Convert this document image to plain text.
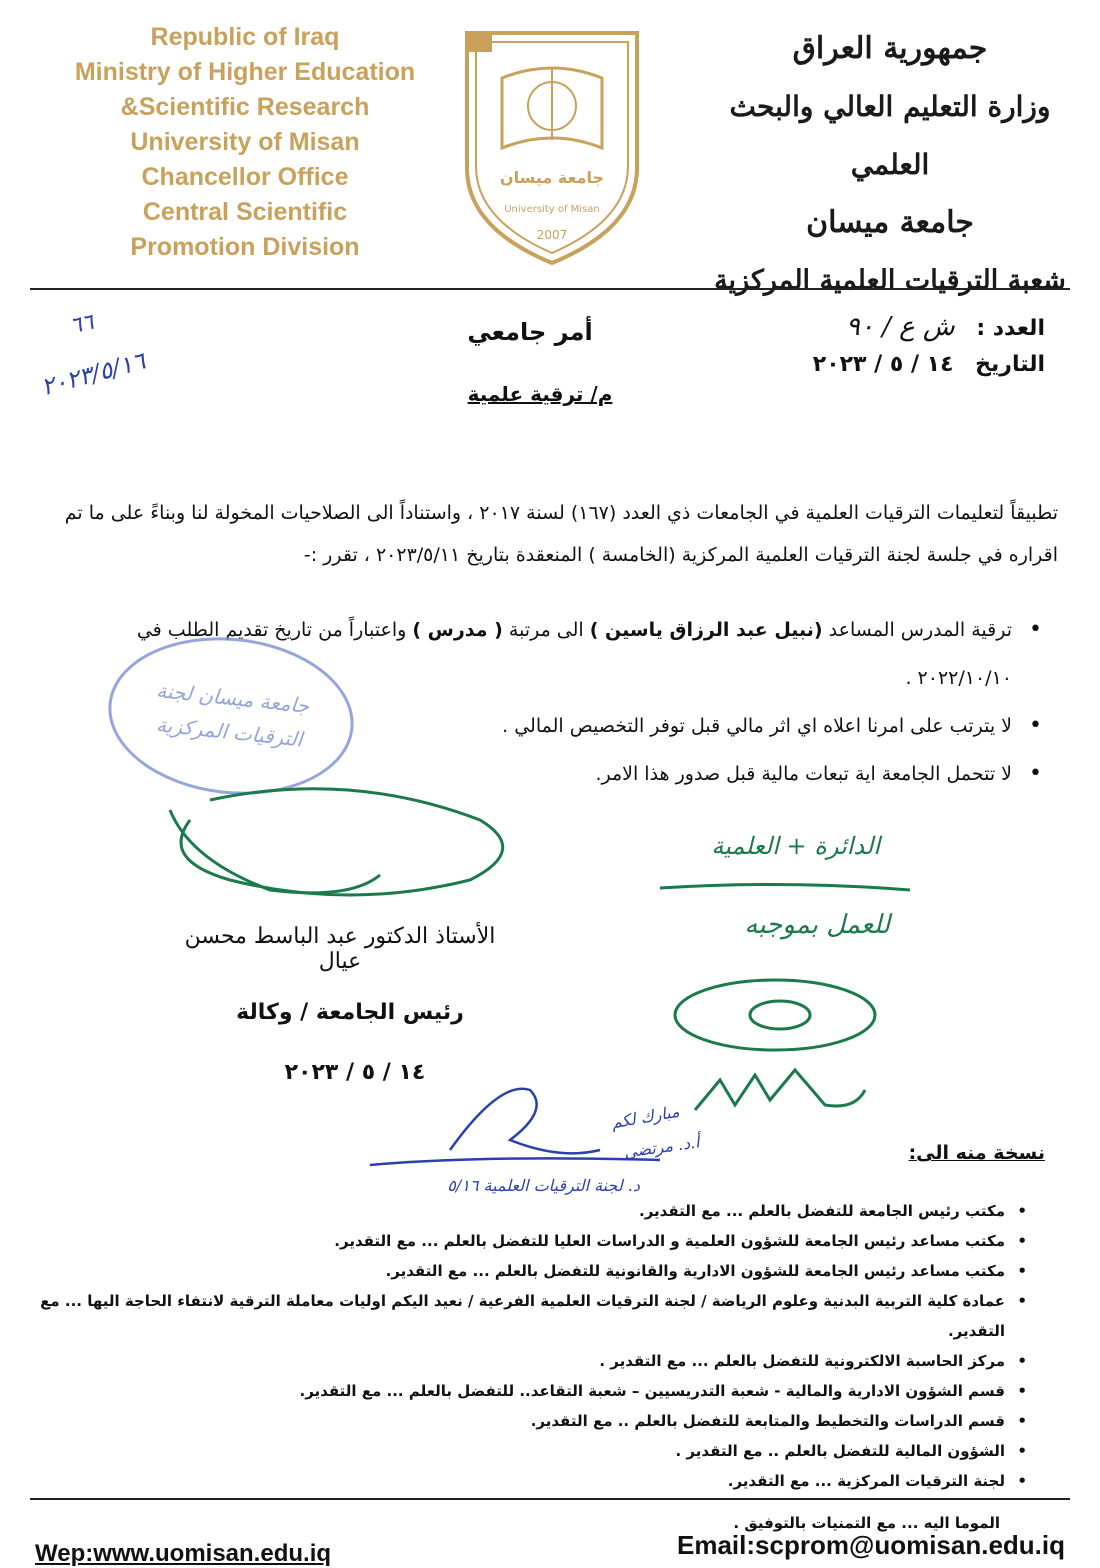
Republic of Iraq
Ministry of Higher Education
&Scientific Research
University of Misan
Chancellor Office
Central Scientific
Promotion Division
جامعة ميسان
University of Misan
2007
جمهورية العراق
وزارة التعليم العالي والبحث العلمي
جامعة ميسان
شعبة الترقيات العلمية المركزية
العدد : ش ع / ٩٠
التاريخ ١٤ / ٥ / ٢٠٢٣
أمر جامعي
م/ ترقية علمية
٦٦
٢٠٢٣/٥/١٦
تطبيقاً لتعليمات الترقيات العلمية في الجامعات ذي العدد (١٦٧) لسنة ٢٠١٧ ، واستناداً الى الصلاحيات المخولة لنا وبناءً على ما تم اقراره في جلسة لجنة الترقيات العلمية المركزية (الخامسة ) المنعقدة بتاريخ ٢٠٢٣/٥/١١ ، تقرر :-
• ترقية المدرس المساعد (نبيل عبد الرزاق ياسين ) الى مرتبة ( مدرس ) واعتباراً من تاريخ تقديم الطلب في ٢٠٢٢/١٠/١٠ .
• لا يترتب على امرنا اعلاه اي اثر مالي قبل توفر التخصيص المالي .
• لا تتحمل الجامعة اية تبعات مالية قبل صدور هذا الامر.
جامعة ميسان لجنة الترقيات المركزية
الأستاذ الدكتور عبد الباسط محسن عيال
رئيس الجامعة / وكالة
١٤ / ٥ / ٢٠٢٣
الدائرة + العلمية
للعمل بموجبه
مبارك لكم
أ.د. مرتضى
د. لجنة الترقيات العلمية ٥/١٦
نسخة منه الى:
• مكتب رئيس الجامعة للتفضل بالعلم ... مع التقدير.
• مكتب مساعد رئيس الجامعة للشؤون العلمية و الدراسات العليا للتفضل بالعلم ... مع التقدير.
• مكتب مساعد رئيس الجامعة للشؤون الادارية والقانونية للتفضل بالعلم ... مع التقدير.
• عمادة كلية التربية البدنية وعلوم الرياضة / لجنة الترقيات العلمية الفرعية / نعيد اليكم اوليات معاملة الترقية لانتفاء الحاجة اليها ... مع التقدير.
• مركز الحاسبة الالكترونية للتفضل بالعلم ... مع التقدير .
• قسم الشؤون الادارية والمالية - شعبة التدريسيين – شعبة التقاعد.. للتفضل بالعلم ... مع التقدير.
• قسم الدراسات والتخطيط والمتابعة للتفضل بالعلم .. مع التقدير.
• الشؤون المالية للتفضل بالعلم .. مع التقدير .
• لجنة الترقيات المركزية ... مع التقدير.
الموما اليه ... مع التمنيات بالتوفيق .
Wep:www.uomisan.edu.iq	Email:scprom@uomisan.edu.iq
